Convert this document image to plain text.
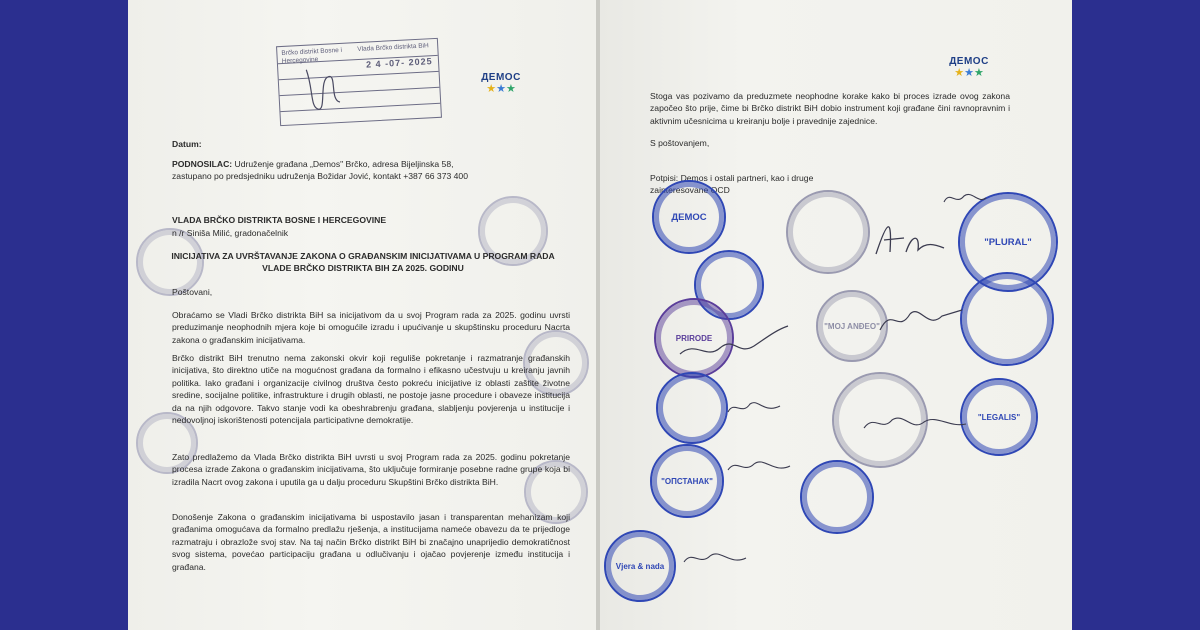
Brčko distrikt Bosne i Hercegovine
Vlada Brčko distrikta BiH
2 4 -07- 2025
ДЕМОС
★★★
Datum:
PODNOSILAC: Udruženje građana „Demos" Brčko, adresa Bijeljinska 58, zastupano po predsjedniku udruženja Božidar Jović, kontakt +387 66 373 400
VLADA BRČKO DISTRIKTA BOSNE I HERCEGOVINE
n /r Siniša Milić, gradonačelnik
INICIJATIVA ZA UVRŠTAVANJE ZAKONA O GRAĐANSKIM INICIJATIVAMA U PROGRAM RADA
VLADE BRČKO DISTRIKTA BIH ZA 2025. GODINU
Poštovani,
Obraćamo se Vladi Brčko distrikta BiH sa inicijativom da u svoj Program rada za 2025. godinu uvrsti preduzimanje neophodnih mjera koje bi omogućile izradu i upućivanje u skupštinsku proceduru Nacrta zakona o građanskim inicijativama.
Brčko distrikt BiH trenutno nema zakonski okvir koji reguliše pokretanje i razmatranje građanskih inicijativa, što direktno utiče na mogućnost građana da formalno i efikasno učestvuju u kreiranju javnih politika. Iako građani i organizacije civilnog društva često pokreću inicijative iz oblasti zaštite životne sredine, socijalne politike, infrastrukture i drugih oblasti, ne postoje jasne procedure i obaveze institucija da na njih odgovore. Takvo stanje vodi ka obeshrabrenju građana, slabljenju povjerenja u institucije i nedovoljnoj iskorištenosti potencijala participativne demokratije.
Zato predlažemo da Vlada Brčko distrikta BiH uvrsti u svoj Program rada za 2025. godinu pokretanje procesa izrade Zakona o građanskim inicijativama, što uključuje formiranje posebne radne grupe koja bi izradila Nacrt ovog zakona i uputila ga u dalju proceduru Skupštini Brčko distrikta BiH.
Donošenje Zakona o građanskim inicijativama bi uspostavilo jasan i transparentan mehanizam koji građanima omogućava da formalno predlažu rješenja, a institucijama nameće obavezu da te prijedloge razmatraju i obrazlože svoj stav. Na taj način Brčko distrikt BiH bi značajno unaprijedio demokratičnost svog sistema, povećao participaciju građana u odlučivanju i ojačao povjerenje između institucija i građana.
ДЕМОС
★★★
Stoga vas pozivamo da preduzmete neophodne korake kako bi proces izrade ovog zakona započeo što prije, čime bi Brčko distrikt BiH dobio instrument koji građane čini ravnopravnim i aktivnim učesnicima u kreiranju bolje i pravednije zajednice.
S poštovanjem,
Potpisi: Demos i ostali partneri, kao i druge
zainteresovane OCD
ДЕМОС
"PLURAL"
PRIRODE
"MOJ ANĐEO"
"LEGALIS"
"ОПСТАНАК"
Vjera & nada
